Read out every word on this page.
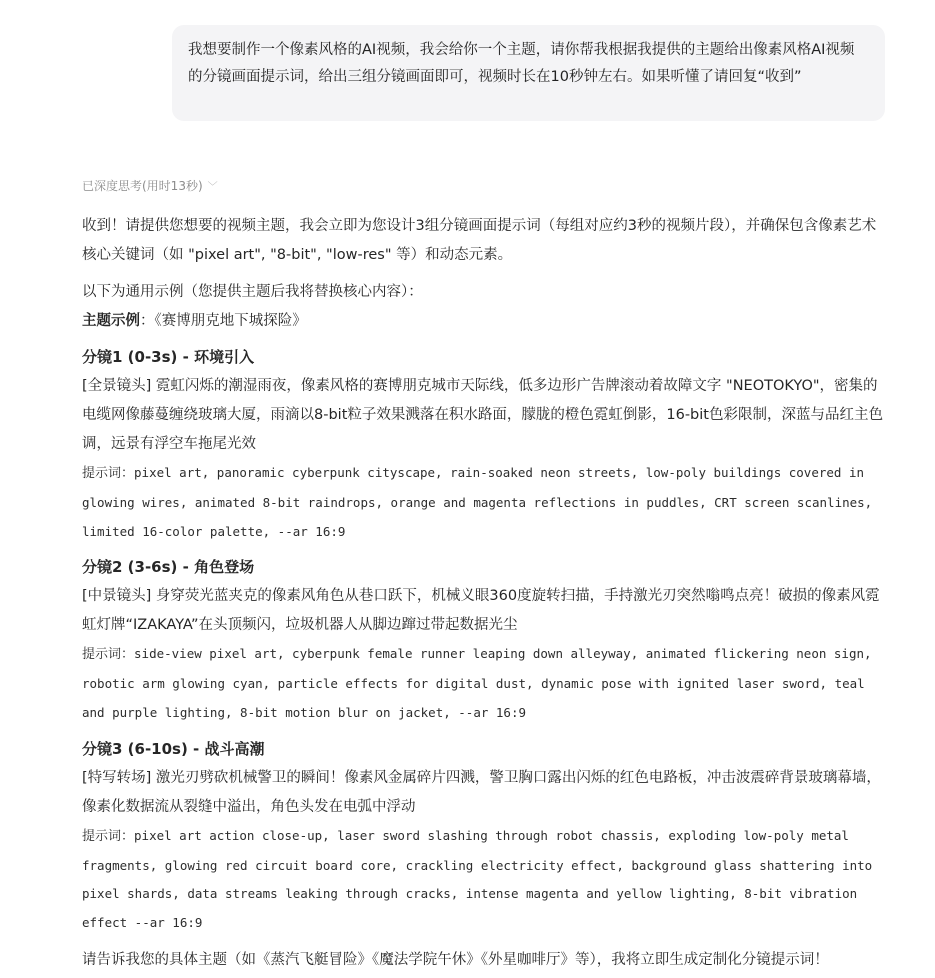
我想要制作一个像素风格的AI视频，我会给你一个主题，请你帮我根据我提供的主题给出像素风格AI视频的分镜画面提示词，给出三组分镜画面即可，视频时长在10秒钟左右。如果听懂了请回复“收到”
已深度思考(用时13秒) ﹀

收到！请提供您想要的视频主题，我会立即为您设计3组分镜画面提示词（每组对应约3秒的视频片段），并确保包含像素艺术核心关键词（如 "pixel art", "8-bit", "low-res" 等）和动态元素。

以下为通用示例（您提供主题后我将替换核心内容）：

主题示例：《赛博朋克地下城探险》

分镜1 (0-3s) - 环境引入

[全景镜头] 霓虹闪烁的潮湿雨夜，像素风格的赛博朋克城市天际线，低多边形广告牌滚动着故障文字 "NEOTOKYO"，密集的电缆网像藤蔓缠绕玻璃大厦，雨滴以8-bit粒子效果溅落在积水路面，朦胧的橙色霓虹倒影，16-bit色彩限制，深蓝与品红主色调，远景有浮空车拖尾光效

提示词：pixel art, panoramic cyberpunk cityscape, rain-soaked neon streets, low-poly buildings covered in glowing wires, animated 8-bit raindrops, orange and magenta reflections in puddles, CRT screen scanlines, limited 16-color palette, --ar 16:9

分镜2 (3-6s) - 角色登场

[中景镜头] 身穿荧光蓝夹克的像素风角色从巷口跃下，机械义眼360度旋转扫描，手持激光刃突然嗡鸣点亮！破损的像素风霓虹灯牌“IZAKAYA”在头顶频闪，垃圾机器人从脚边蹿过带起数据光尘

提示词：side-view pixel art, cyberpunk female runner leaping down alleyway, animated flickering neon sign, robotic arm glowing cyan, particle effects for digital dust, dynamic pose with ignited laser sword, teal and purple lighting, 8-bit motion blur on jacket, --ar 16:9

分镜3 (6-10s) - 战斗高潮

[特写转场] 激光刃劈砍机械警卫的瞬间！像素风金属碎片四溅，警卫胸口露出闪烁的红色电路板，冲击波震碎背景玻璃幕墙，像素化数据流从裂缝中溢出，角色头发在电弧中浮动

提示词：pixel art action close-up, laser sword slashing through robot chassis, exploding low-poly metal fragments, glowing red circuit board core, crackling electricity effect, background glass shattering into pixel shards, data streams leaking through cracks, intense magenta and yellow lighting, 8-bit vibration effect --ar 16:9

请告诉我您的具体主题（如《蒸汽飞艇冒险》《魔法学院午休》《外星咖啡厅》等），我将立即生成定制化分镜提示词！
